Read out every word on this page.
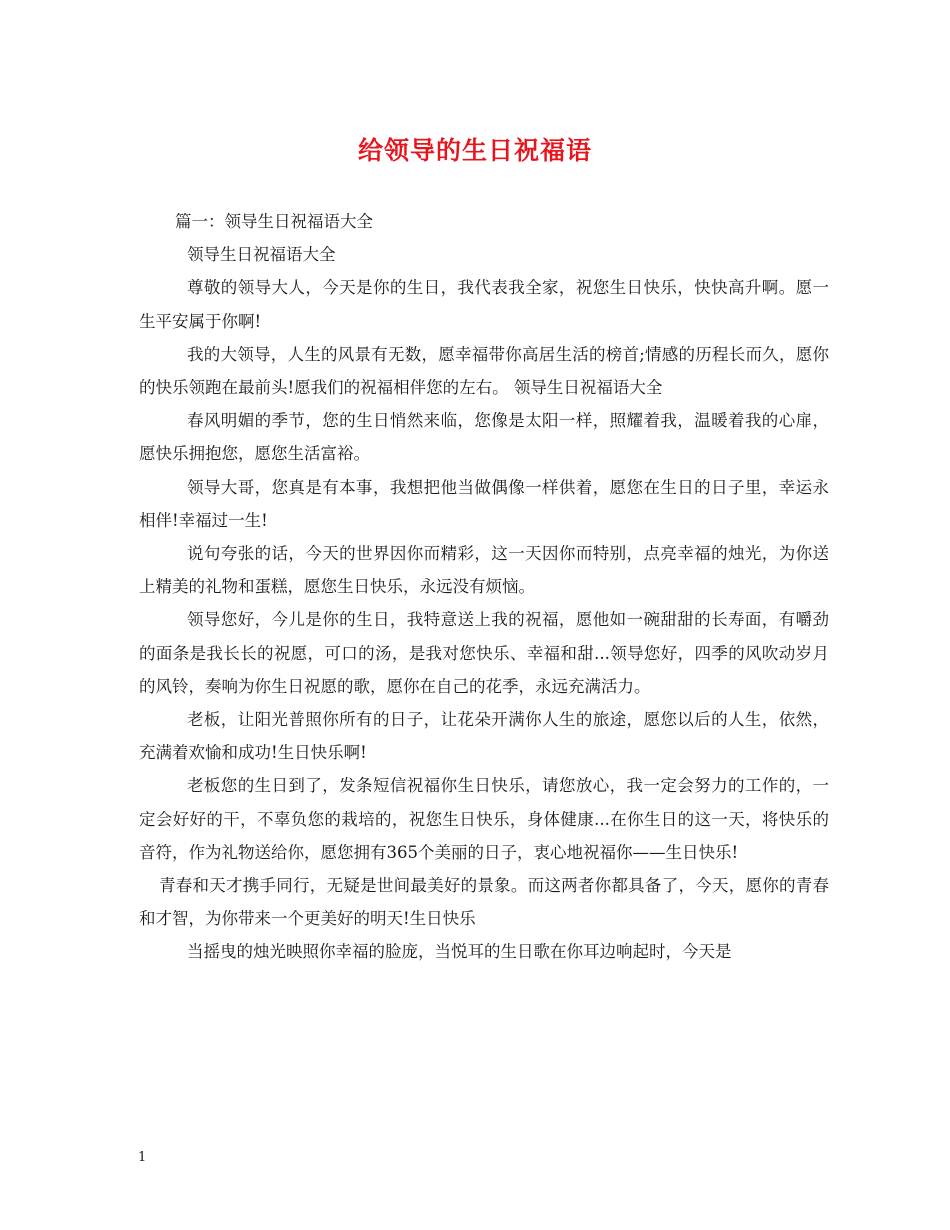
给领导的生日祝福语

篇一：领导生日祝福语大全

领导生日祝福语大全

尊敬的领导大人，今天是你的生日，我代表我全家，祝您生日快乐，快快高升啊。愿一生平安属于你啊!

我的大领导，人生的风景有无数，愿幸福带你高居生活的榜首;情感的历程长而久，愿你的快乐领跑在最前头!愿我们的祝福相伴您的左右。 领导生日祝福语大全

春风明媚的季节，您的生日悄然来临，您像是太阳一样，照耀着我，温暖着我的心扉，愿快乐拥抱您，愿您生活富裕。

领导大哥，您真是有本事，我想把他当做偶像一样供着，愿您在生日的日子里，幸运永相伴!幸福过一生!

说句夸张的话，今天的世界因你而精彩，这一天因你而特别，点亮幸福的烛光，为你送上精美的礼物和蛋糕，愿您生日快乐，永远没有烦恼。

领导您好，今儿是你的生日，我特意送上我的祝福，愿他如一碗甜甜的长寿面，有嚼劲的面条是我长长的祝愿，可口的汤，是我对您快乐、幸福和甜...领导您好，四季的风吹动岁月的风铃，奏响为你生日祝愿的歌，愿你在自己的花季，永远充满活力。

老板，让阳光普照你所有的日子，让花朵开满你人生的旅途，愿您以后的人生，依然，充满着欢愉和成功!生日快乐啊!

老板您的生日到了，发条短信祝福你生日快乐，请您放心，我一定会努力的工作的，一定会好好的干，不辜负您的栽培的，祝您生日快乐，身体健康...在你生日的这一天，将快乐的音符，作为礼物送给你，愿您拥有365个美丽的日子，衷心地祝福你——生日快乐!

青春和天才携手同行，无疑是世间最美好的景象。而这两者你都具备了，今天，愿你的青春和才智，为你带来一个更美好的明天!生日快乐

当摇曳的烛光映照你幸福的脸庞，当悦耳的生日歌在你耳边响起时，今天是

1
